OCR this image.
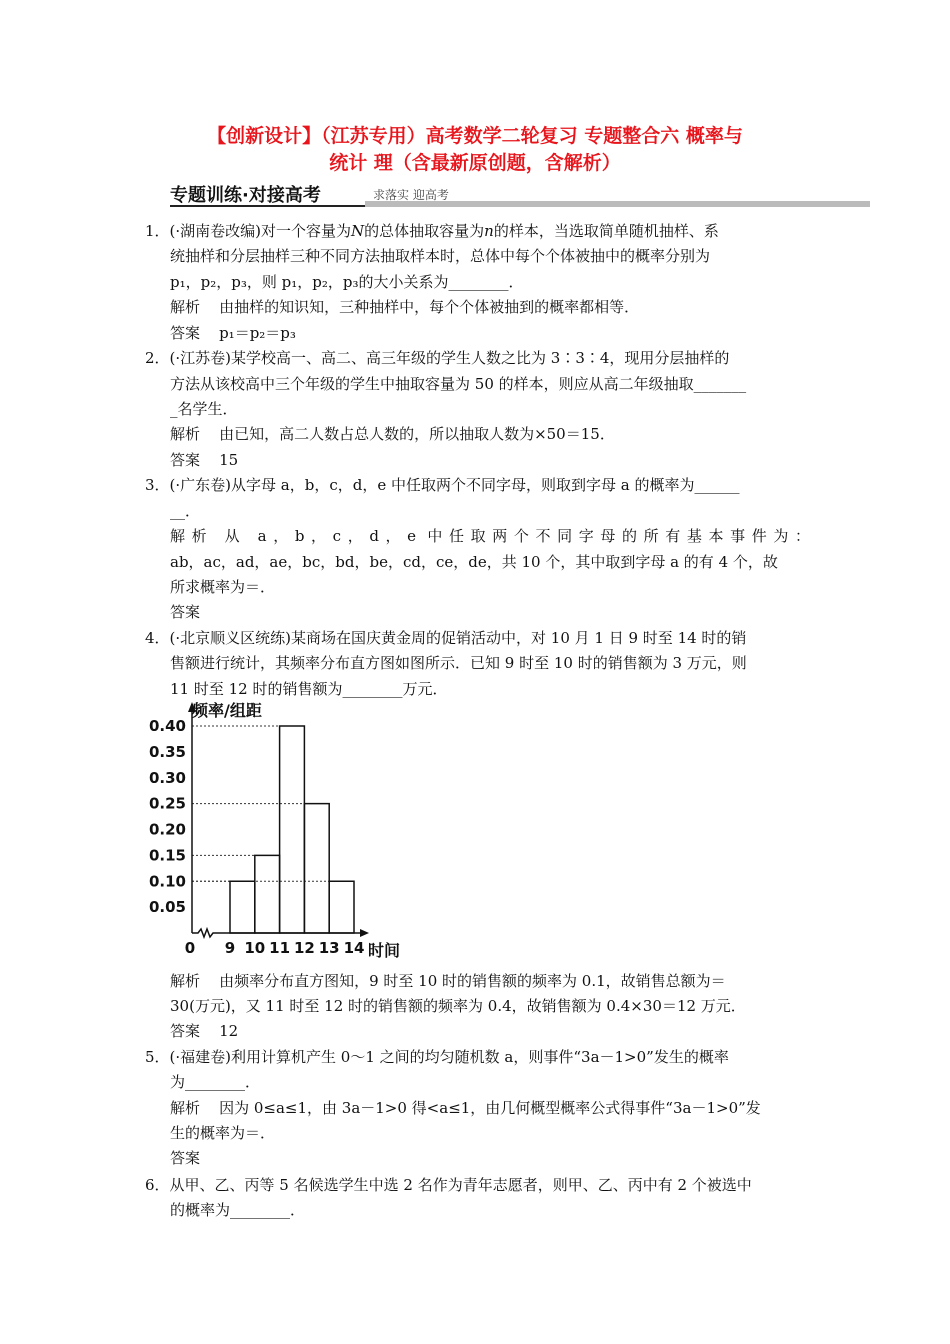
【创新设计】（江苏专用）高考数学二轮复习 专题整合六 概率与
统计 理（含最新原创题，含解析）
专题训练·对接高考	求落实 迎高考
1．(·湖南卷改编)对一个容量为N的总体抽取容量为n的样本，当选取简单随机抽样、系
统抽样和分层抽样三种不同方法抽取样本时，总体中每个个体被抽中的概率分别为
p₁，p₂，p₃，则 p₁，p₂，p₃的大小关系为________．
解析    由抽样的知识知，三种抽样中，每个个体被抽到的概率都相等．
答案    p₁＝p₂＝p₃
2．(·江苏卷)某学校高一、高二、高三年级的学生人数之比为 3∶3∶4，现用分层抽样的
方法从该校高中三个年级的学生中抽取容量为 50 的样本，则应从高二年级抽取_______
_名学生．
解析    由已知，高二人数占总人数的，所以抽取人数为×50＝15．
答案    15
3．(·广东卷)从字母 a，b，c，d，e 中任取两个不同字母，则取到字母 a 的概率为______
__．
解析 从 a，b，c，d，e 中任取两个不同字母的所有基本事件为：
ab，ac，ad，ae，bc，bd，be，cd，ce，de，共 10 个，其中取到字母 a 的有 4 个，故
所求概率为＝．
答案
4．(·北京顺义区统练)某商场在国庆黄金周的促销活动中，对 10 月 1 日 9 时至 14 时的销
售额进行统计，其频率分布直方图如图所示．已知 9 时至 10 时的销售额为 3 万元，则
11 时至 12 时的销售额为________万元．
0.40
0.35
0.30
0.25
0.20
0.15
0.10
0.05
0 9 10 11 12 13 14
频率/组距
时间
解析    由频率分布直方图知，9 时至 10 时的销售额的频率为 0.1，故销售总额为＝
30(万元)，又 11 时至 12 时的销售额的频率为 0.4，故销售额为 0.4×30＝12 万元．
答案    12
5．(·福建卷)利用计算机产生 0～1 之间的均匀随机数 a，则事件“3a－1>0”发生的概率
为________．
解析    因为 0≤a≤1，由 3a－1>0 得<a≤1，由几何概型概率公式得事件“3a－1>0”发
生的概率为＝．
答案
6．从甲、乙、丙等 5 名候选学生中选 2 名作为青年志愿者，则甲、乙、丙中有 2 个被选中
的概率为________．
